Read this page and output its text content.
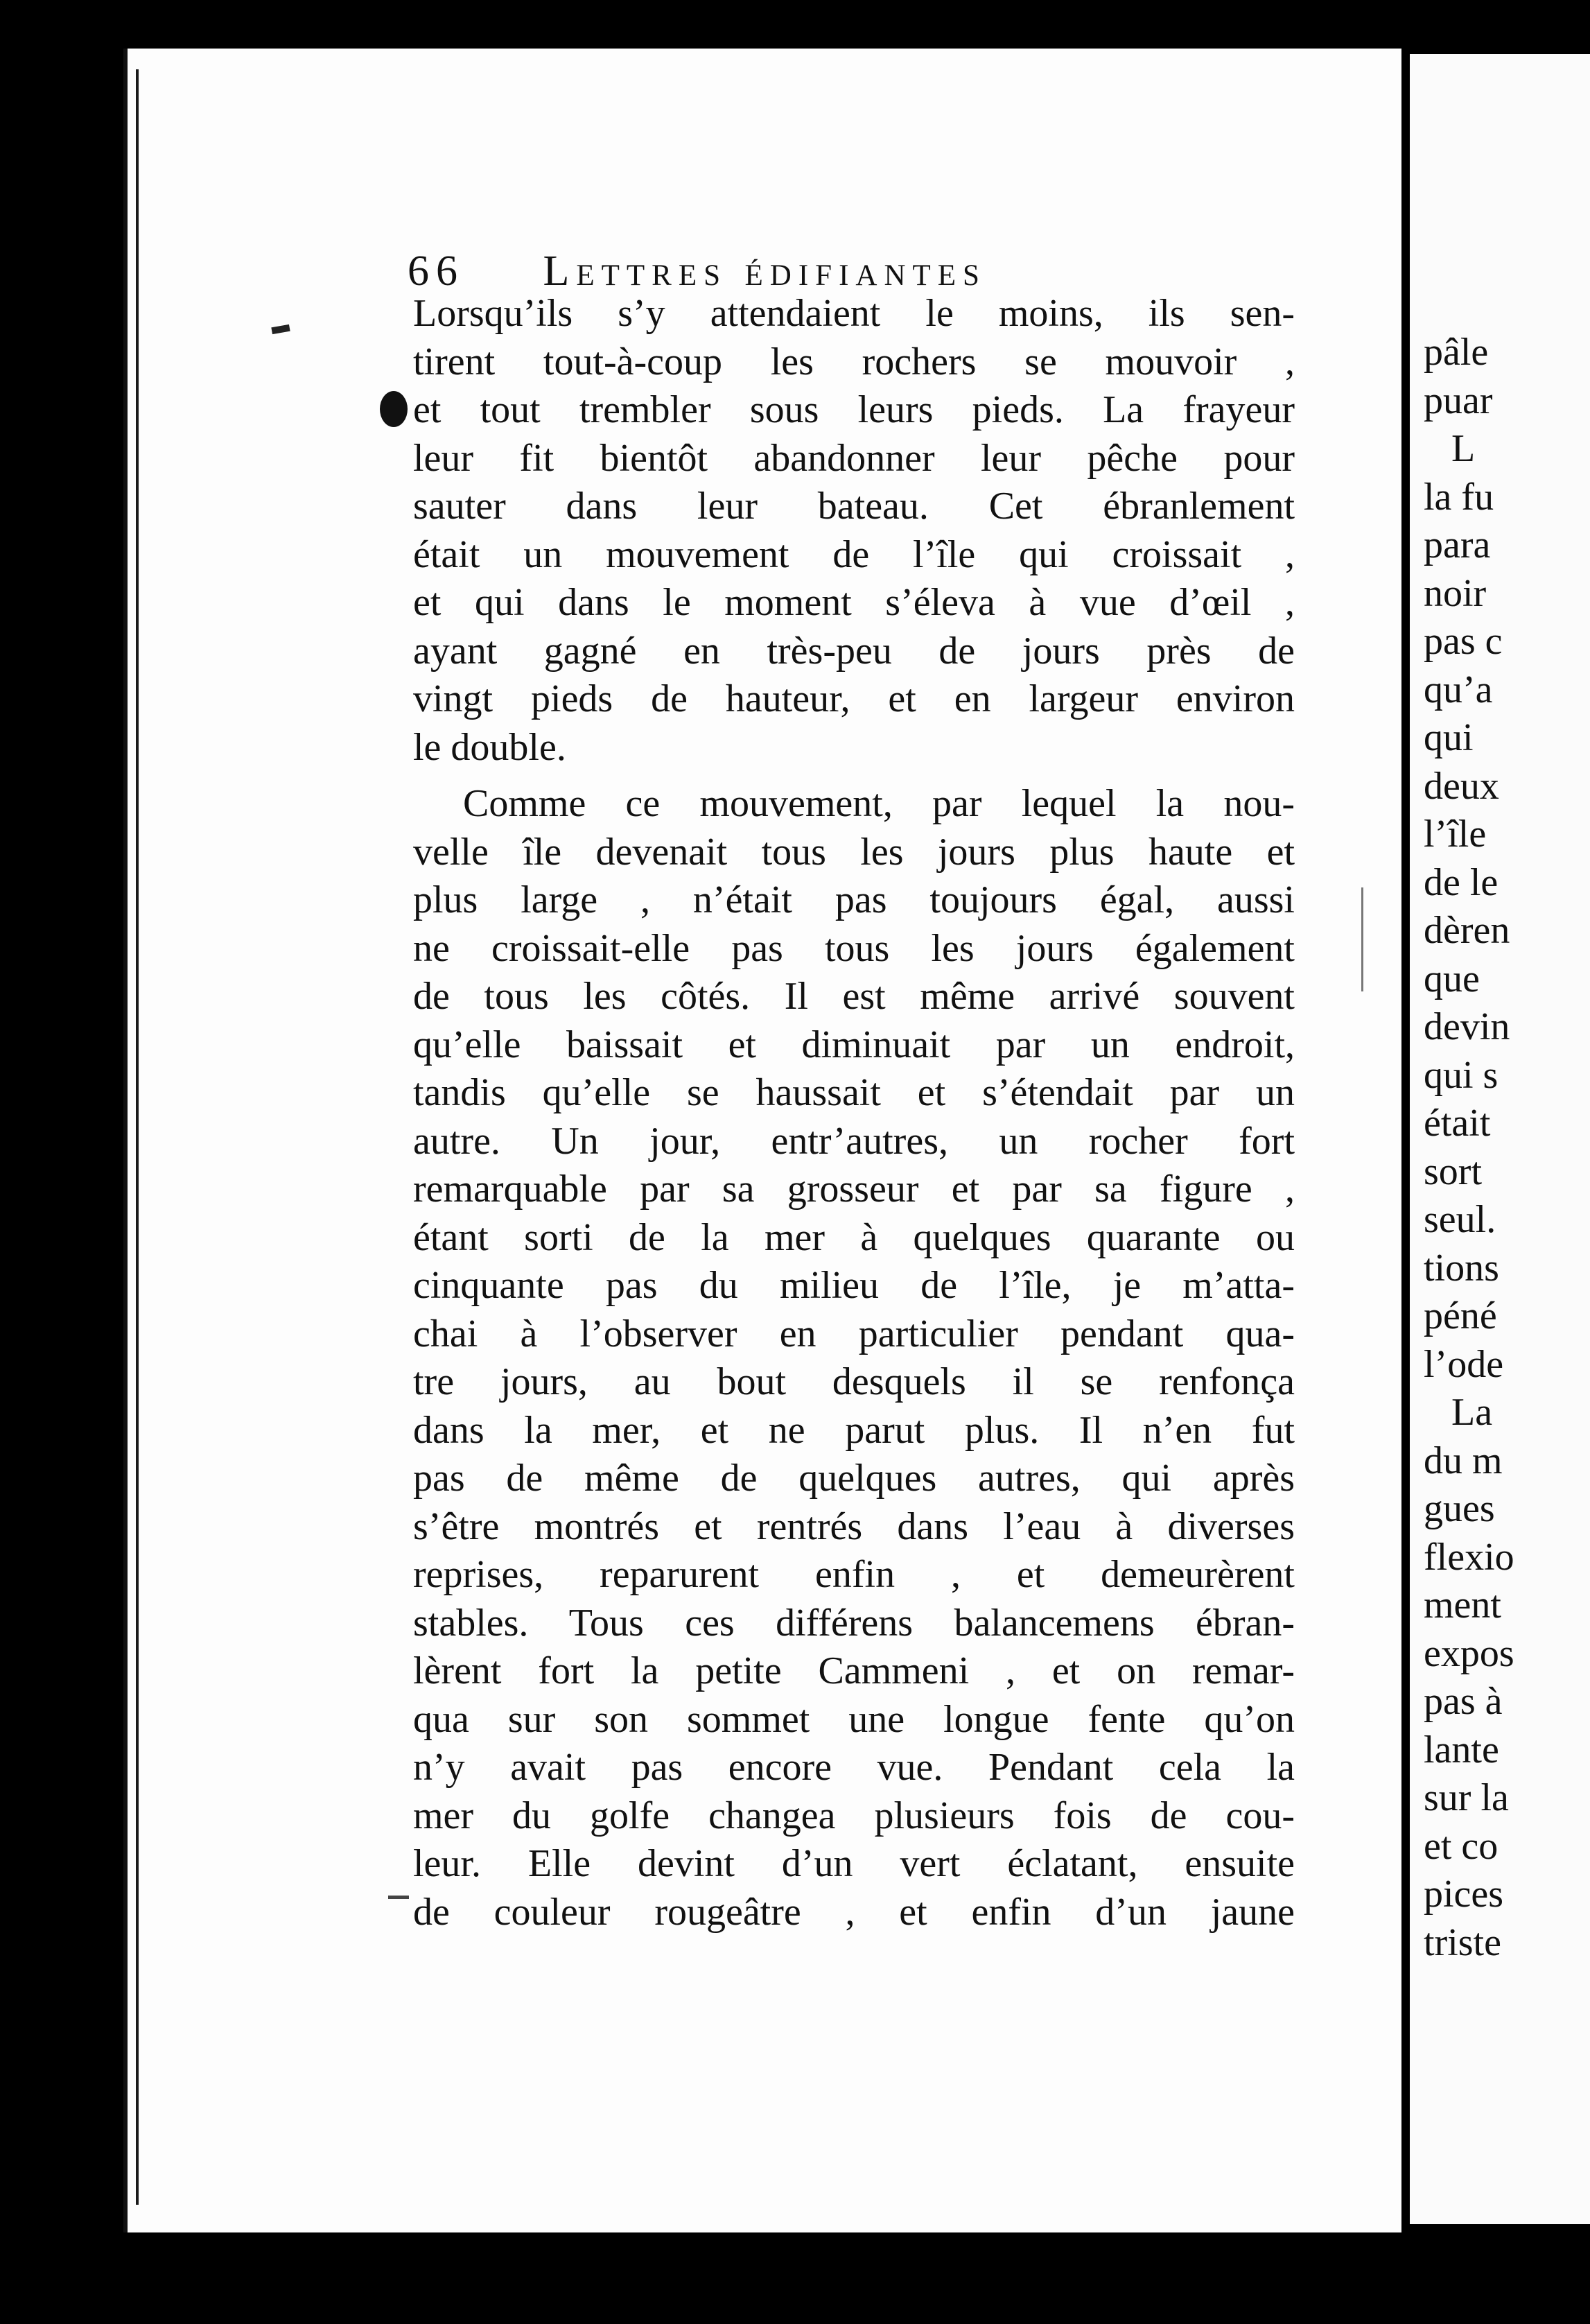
pâle
puar
L
la fu
para
noir
pas c
qu’a
qui
deux
l’île
de le
dèren
que
devin
qui s
était
sort
seul.
tions
péné
l’ode
La
du m
gues
flexio
ment
expos
pas à
lante
sur la
et co
pices
triste
66 Lettres édifiantes
Lorsqu’ils s’y attendaient le moins, ils sen-
tirent tout-à-coup les rochers se mouvoir ,
et tout trembler sous leurs pieds. La frayeur
leur fit bientôt abandonner leur pêche pour
sauter dans leur bateau. Cet ébranlement
était un mouvement de l’île qui croissait ,
et qui dans le moment s’éleva à vue d’œil ,
ayant gagné en très-peu de jours près de
vingt pieds de hauteur, et en largeur environ
le double.
Comme ce mouvement, par lequel la nou-
velle île devenait tous les jours plus haute et
plus large , n’était pas toujours égal, aussi
ne croissait-elle pas tous les jours également
de tous les côtés. Il est même arrivé souvent
qu’elle baissait et diminuait par un endroit,
tandis qu’elle se haussait et s’étendait par un
autre. Un jour, entr’autres, un rocher fort
remarquable par sa grosseur et par sa figure ,
étant sorti de la mer à quelques quarante ou
cinquante pas du milieu de l’île, je m’atta-
chai à l’observer en particulier pendant qua-
tre jours, au bout desquels il se renfonça
dans la mer, et ne parut plus. Il n’en fut
pas de même de quelques autres, qui après
s’être montrés et rentrés dans l’eau à diverses
reprises, reparurent enfin , et demeurèrent
stables. Tous ces différens balancemens ébran-
lèrent fort la petite Cammeni , et on remar-
qua sur son sommet une longue fente qu’on
n’y avait pas encore vue. Pendant cela la
mer du golfe changea plusieurs fois de cou-
leur. Elle devint d’un vert éclatant, ensuite
de couleur rougeâtre , et enfin d’un jaune
